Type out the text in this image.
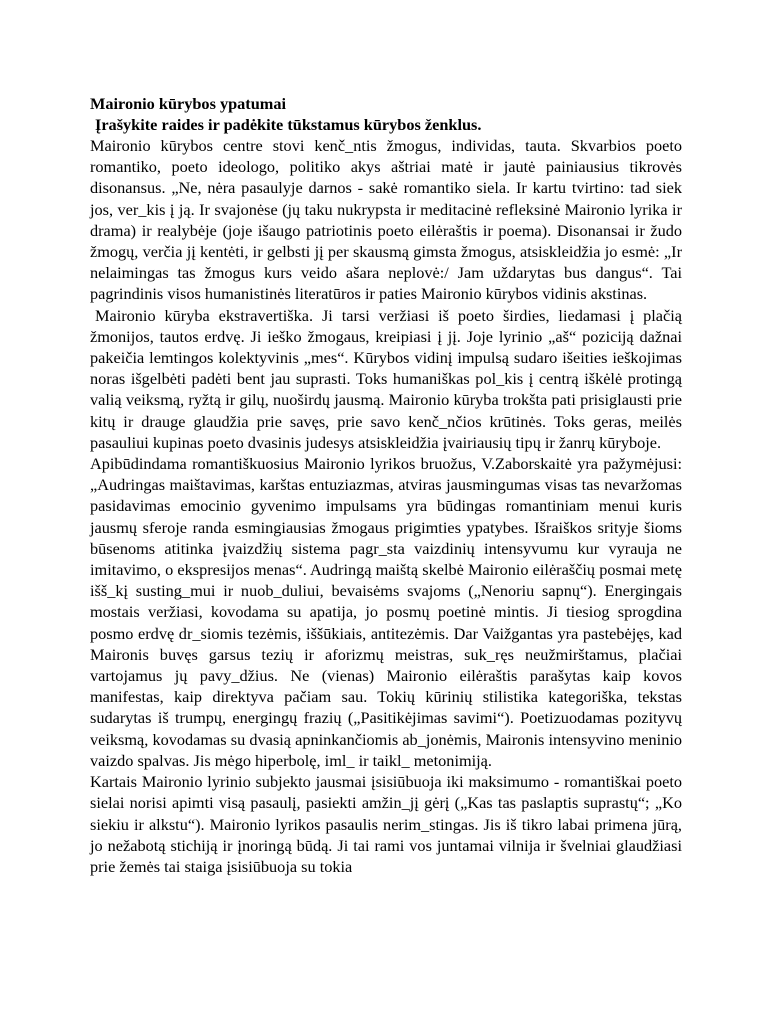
Maironio kūrybos ypatumai

Įrašykite raides ir padėkite tūkstamus kūrybos ženklus.

Maironio kūrybos centre stovi kenč_ntis žmogus, individas, tauta. Skvarbios poeto romantiko, poeto ideologo, politiko akys aštriai matė ir jautė painiausius tikrovės disonansus. „Ne, nėra pasaulyje darnos - sakė romantiko siela. Ir kartu tvirtino: tad siek jos, ver_kis į ją. Ir svajonėse (jų taku nukrypsta ir meditacinė refleksinė Maironio lyrika ir drama) ir realybėje (joje išaugo patriotinis poeto eilėraštis ir poema). Disonansai ir žudo žmogų, verčia jį kentėti, ir gelbsti jį per skausmą gimsta žmogus, atsiskleidžia jo esmė: „Ir nelaimingas tas žmogus kurs veido ašara neplovė:/ Jam uždarytas bus dangus“. Tai pagrindinis visos humanistinės literatūros ir paties Maironio kūrybos vidinis akstinas.

Maironio kūryba ekstravertiška. Ji tarsi veržiasi iš poeto širdies, liedamasi į plačią žmonijos, tautos erdvę. Ji ieško žmogaus, kreipiasi į jį. Joje lyrinio „aš“ poziciją dažnai pakeičia lemtingos kolektyvinis „mes“. Kūrybos vidinį impulsą sudaro išeities ieškojimas noras išgelbėti padėti bent jau suprasti. Toks humaniškas pol_kis į centrą iškėlė protingą valią veiksmą, ryžtą ir gilų, nuoširdų jausmą. Maironio kūryba trokšta pati prisiglausti prie kitų ir drauge glaudžia prie savęs, prie savo kenč_nčios krūtinės. Toks geras, meilės pasauliui kupinas poeto dvasinis judesys atsiskleidžia įvairiausių tipų ir žanrų kūryboje.

Apibūdindama romantiškuosius Maironio lyrikos bruožus, V.Zaborskaitė yra pažymėjusi: „Audringas maištavimas, karštas entuziazmas, atviras jausmingumas visas tas nevaržomas pasidavimas emocinio gyvenimo impulsams yra būdingas romantiniam menui kuris jausmų sferoje randa esmingiausias žmogaus prigimties ypatybes. Išraiškos srityje šioms būsenoms atitinka įvaizdžių sistema pagr_sta vaizdinių intensyvumu kur vyrauja ne imitavimo, o ekspresijos menas“. Audringą maištą skelbė Maironio eilėraščių posmai metę išš_kį susting_mui ir nuob_duliui, bevaisėms svajoms („Nenoriu sapnų“). Energingais mostais veržiasi, kovodama su apatija, jo posmų poetinė mintis. Ji tiesiog sprogdina posmo erdvę dr_siomis tezėmis, iššūkiais, antitezėmis. Dar Vaižgantas yra pastebėjęs, kad Maironis buvęs garsus tezių ir aforizmų meistras, suk_ręs neužmirštamus, plačiai vartojamus jų pavy_džius. Ne (vienas) Maironio eilėraštis parašytas kaip kovos manifestas, kaip direktyva pačiam sau. Tokių kūrinių stilistika kategoriška, tekstas sudarytas iš trumpų, energingų frazių („Pasitikėjimas savimi“). Poetizuodamas pozityvų veiksmą, kovodamas su dvasią apninkančiomis ab_jonėmis, Maironis intensyvino meninio vaizdo spalvas. Jis mėgo hiperbolę, iml_ ir taikl_ metonimiją.

Kartais Maironio lyrinio subjekto jausmai įsisiūbuoja iki maksimumo - romantiškai poeto sielai norisi apimti visą pasaulį, pasiekti amžin_jį gėrį („Kas tas paslaptis suprastų“; „Ko siekiu ir alkstu“). Maironio lyrikos pasaulis nerim_stingas. Jis iš tikro labai primena jūrą, jo nežabotą stichiją ir įnoringą būdą. Ji tai rami vos juntamai vilnija ir švelniai glaudžiasi prie žemės tai staiga įsisiūbuoja su tokia
